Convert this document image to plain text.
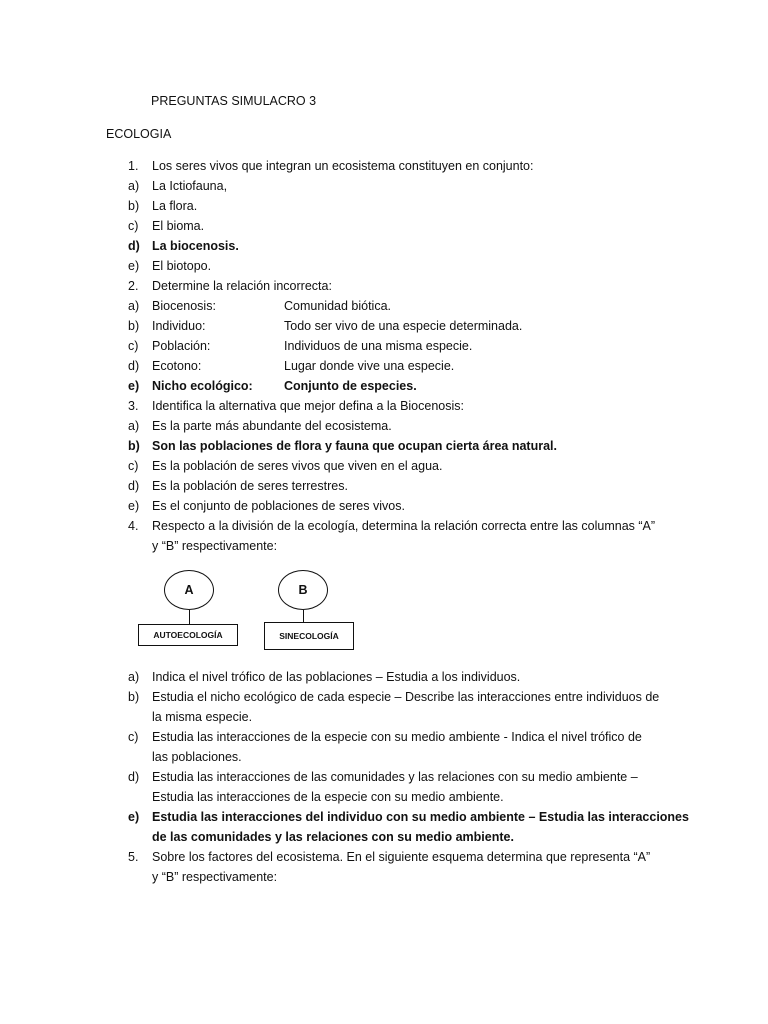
PREGUNTAS SIMULACRO 3
ECOLOGIA
1.	Los seres vivos que integran un ecosistema constituyen en conjunto:
a)	La Ictiofauna,
b)	La flora.
c)	El bioma.
d) La biocenosis.
e)	El biotopo.
2.	Determine la relación incorrecta:
a)	Biocenosis:	Comunidad biótica.
b)	Individuo:	Todo ser vivo de una especie determinada.
c)	Población:	Individuos de una misma especie.
d)	Ecotono:	Lugar donde vive una especie.
e)	Nicho ecológico:	Conjunto de especies.
3.	Identifica la alternativa que mejor defina a la Biocenosis:
a)	Es la parte más abundante del ecosistema.
b) Son las poblaciones de flora y fauna que ocupan cierta área natural.
c)	Es la población de seres vivos que viven en el agua.
d)	Es la población de seres terrestres.
e)	Es el conjunto de poblaciones de seres vivos.
4.	Respecto a la división de la ecología, determina la relación correcta entre las columnas “A”
y “B” respectivamente:
A
AUTOECOLOGÍA
B
SINECOLOGÍA
a)	Indica el nivel trófico de las poblaciones – Estudia a los individuos.
b)	Estudia el nicho ecológico de cada especie – Describe las interacciones entre individuos de
la misma especie.
c)	Estudia las interacciones de la especie con su medio ambiente - Indica el nivel trófico de
las poblaciones.
d)	Estudia las interacciones de las comunidades y las relaciones con su medio ambiente –
Estudia las interacciones de la especie con su medio ambiente.
e)	Estudia las interacciones del individuo con su medio ambiente – Estudia las interacciones
de las comunidades y las relaciones con su medio ambiente.
5.	Sobre los factores del ecosistema. En el siguiente esquema determina que representa “A”
y “B” respectivamente:
